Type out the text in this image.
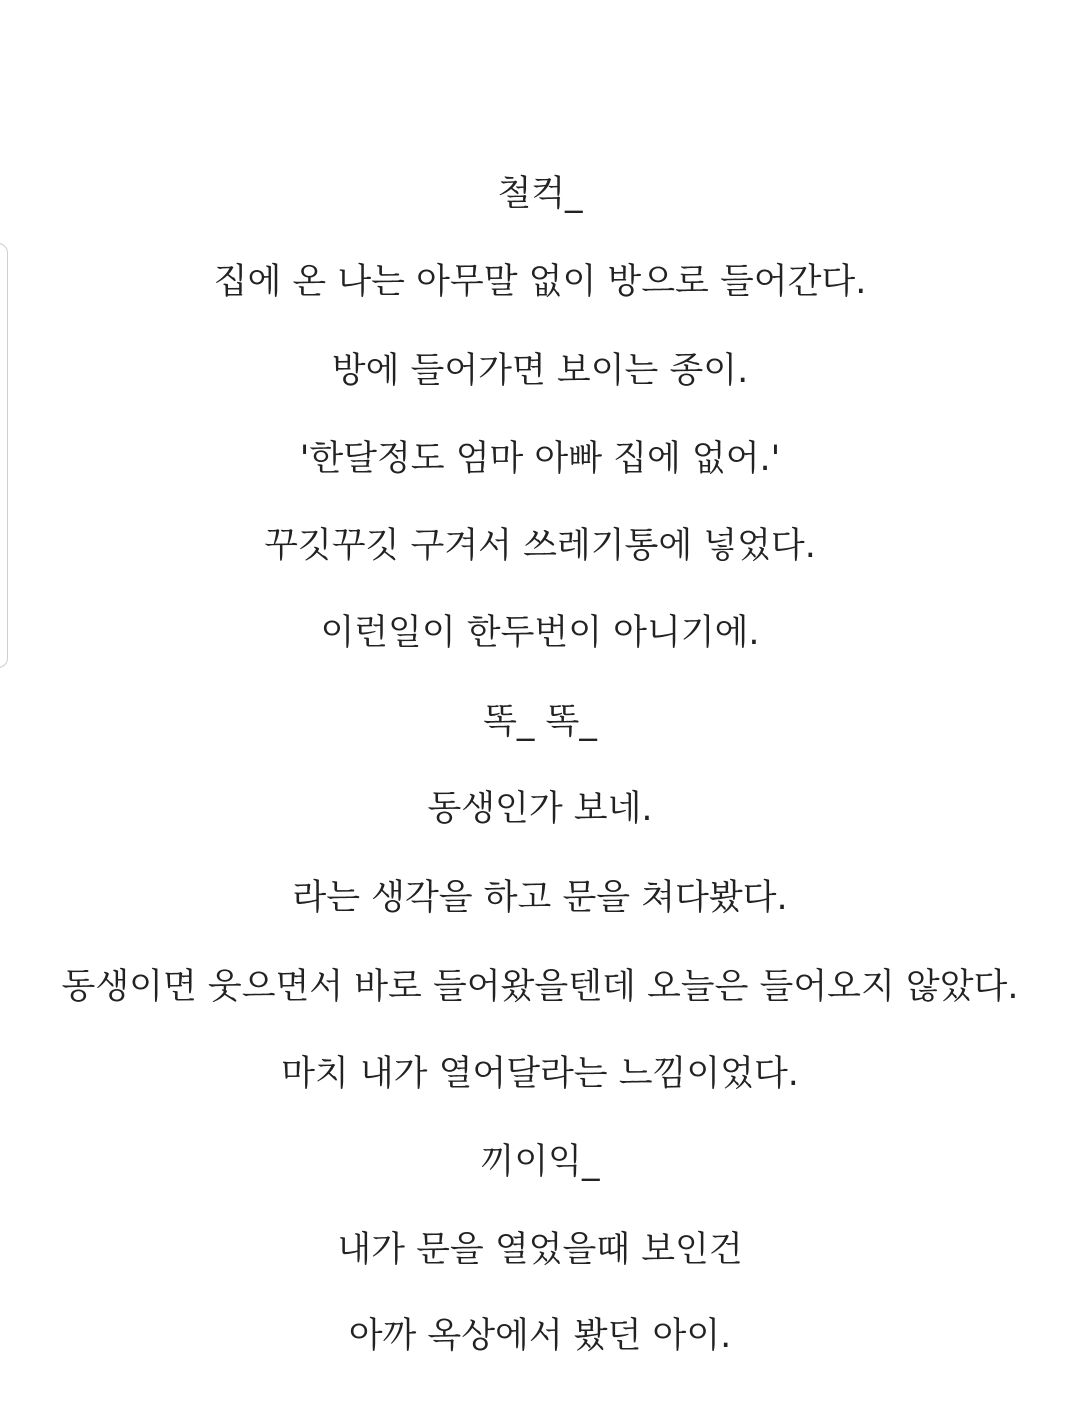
철컥_
집에 온 나는 아무말 없이 방으로 들어간다.
방에 들어가면 보이는 종이.
'한달정도 엄마 아빠 집에 없어.'
꾸깃꾸깃 구겨서 쓰레기통에 넣었다.
이런일이 한두번이 아니기에.
똑_ 똑_
동생인가 보네.
라는 생각을 하고 문을 쳐다봤다.
동생이면 웃으면서 바로 들어왔을텐데 오늘은 들어오지 않았다.
마치 내가 열어달라는 느낌이었다.
끼이익_
내가 문을 열었을때 보인건
아까 옥상에서 봤던 아이.
